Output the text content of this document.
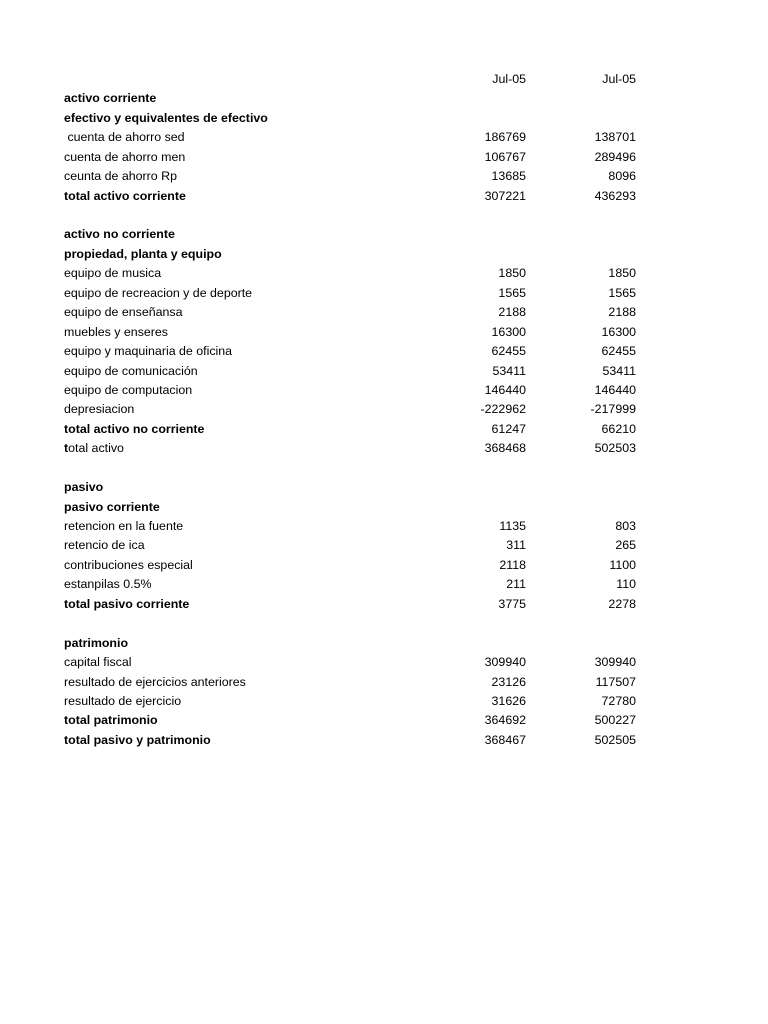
Jul-05	Jul-05
activo corriente
efectivo y equivalentes de efectivo
cuenta de ahorro sed	186769	138701
cuenta de ahorro men	106767	289496
ceunta de ahorro Rp	13685	8096
total activo corriente	307221	436293
activo no corriente
propiedad, planta y equipo
equipo de musica	1850	1850
equipo de recreacion y de deporte	1565	1565
equipo de enseñansa	2188	2188
muebles y enseres	16300	16300
equipo y maquinaria de oficina	62455	62455
equipo de comunicación	53411	53411
equipo de computacion	146440	146440
depresiacion	-222962	-217999
total activo no corriente	61247	66210
total activo	368468	502503
pasivo
pasivo corriente
retencion en la fuente	1135	803
retencio de ica	311	265
contribuciones especial	2118	1100
estanpilas 0.5%	211	110
total pasivo corriente	3775	2278
patrimonio
capital fiscal	309940	309940
resultado de ejercicios anteriores	23126	117507
resultado de ejercicio	31626	72780
total patrimonio	364692	500227
total pasivo y patrimonio	368467	502505
